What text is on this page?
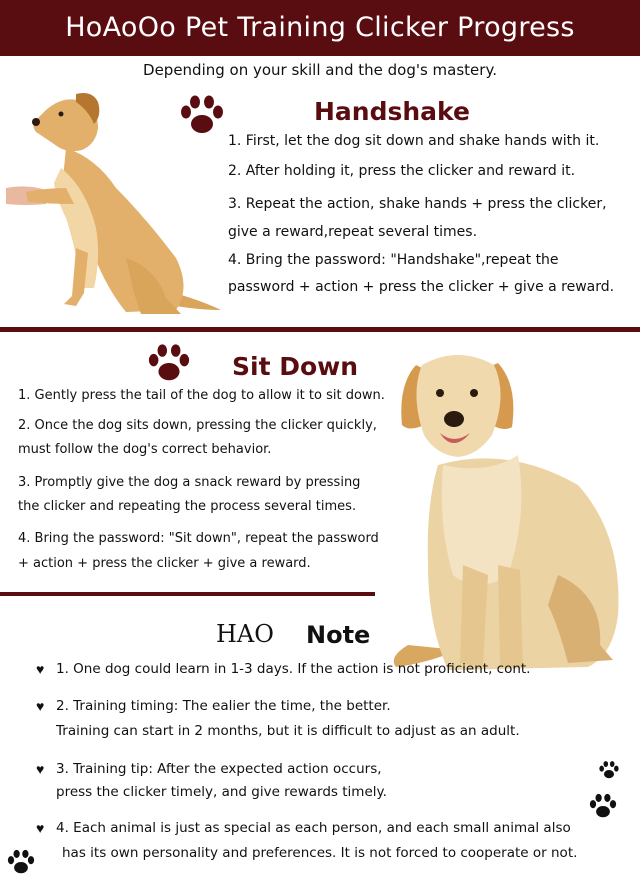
HoAoOo Pet Training Clicker Progress
Depending on your skill and the dog's mastery.
Handshake
1. First, let the dog sit down and shake hands with it.
2. After holding it, press the clicker and reward it.
3. Repeat the action, shake hands + press the clicker,
give a reward,repeat several times.
4. Bring the password: "Handshake",repeat the
password + action + press the clicker + give a reward.
Sit Down
1. Gently press the tail of the dog to allow it to sit down.
2. Once the dog sits down, pressing the clicker quickly,
must follow the dog's correct behavior.
3. Promptly give the dog a snack reward by pressing
the clicker and repeating the process several times.
4. Bring the password: "Sit down", repeat the password
+ action + press the clicker + give a reward.
HAO Note
♥ 1. One dog could learn in 1-3 days. If the action is not proficient, cont.
♥ 2. Training timing: The ealier the time, the better.
Training can start in 2 months, but it is difficult to adjust as an adult.
♥ 3. Training tip: After the expected action occurs,
press the clicker timely, and give rewards timely.
♥ 4. Each animal is just as special as each person, and each small animal also
has its own personality and preferences. It is not forced to cooperate or not.
